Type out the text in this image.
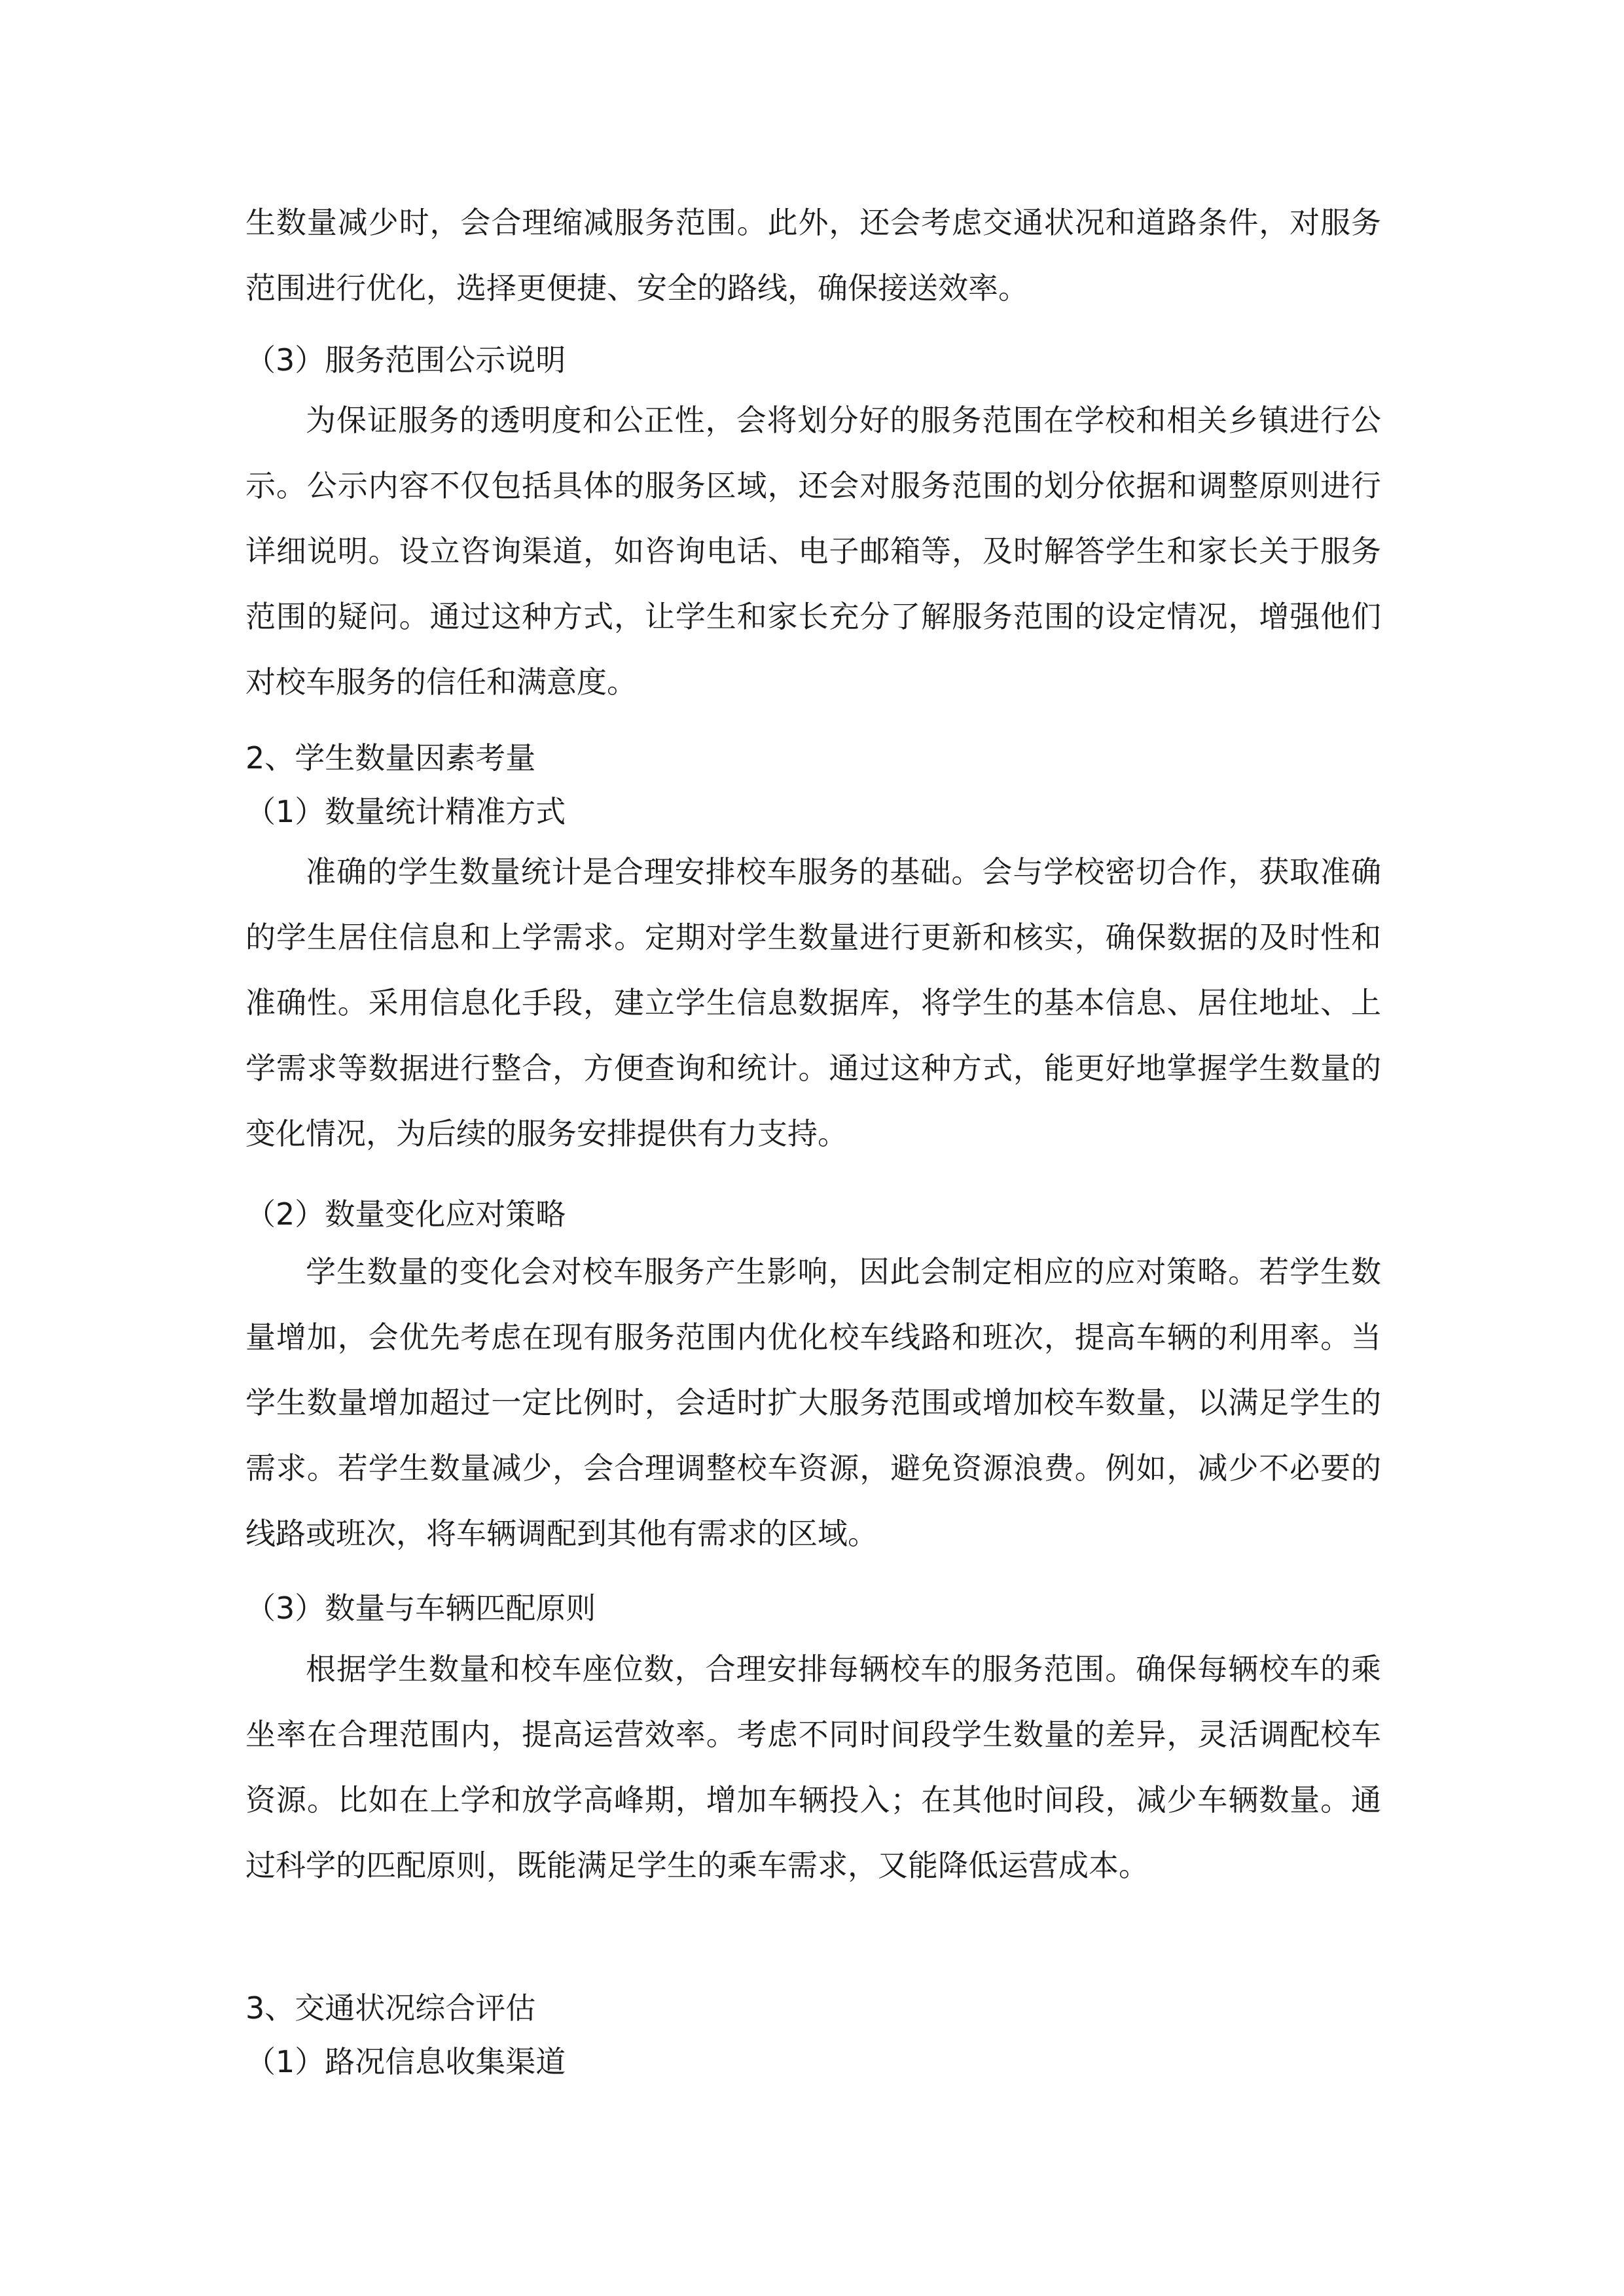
生数量减少时，会合理缩减服务范围。此外，还会考虑交通状况和道路条件，对服务范围进行优化，选择更便捷、安全的路线，确保接送效率。

（3）服务范围公示说明

为保证服务的透明度和公正性，会将划分好的服务范围在学校和相关乡镇进行公示。公示内容不仅包括具体的服务区域，还会对服务范围的划分依据和调整原则进行详细说明。设立咨询渠道，如咨询电话、电子邮箱等，及时解答学生和家长关于服务范围的疑问。通过这种方式，让学生和家长充分了解服务范围的设定情况，增强他们对校车服务的信任和满意度。

2、学生数量因素考量

（1）数量统计精准方式

准确的学生数量统计是合理安排校车服务的基础。会与学校密切合作，获取准确的学生居住信息和上学需求。定期对学生数量进行更新和核实，确保数据的及时性和准确性。采用信息化手段，建立学生信息数据库，将学生的基本信息、居住地址、上学需求等数据进行整合，方便查询和统计。通过这种方式，能更好地掌握学生数量的变化情况，为后续的服务安排提供有力支持。

（2）数量变化应对策略

学生数量的变化会对校车服务产生影响，因此会制定相应的应对策略。若学生数量增加，会优先考虑在现有服务范围内优化校车线路和班次，提高车辆的利用率。当学生数量增加超过一定比例时，会适时扩大服务范围或增加校车数量，以满足学生的需求。若学生数量减少，会合理调整校车资源，避免资源浪费。例如，减少不必要的线路或班次，将车辆调配到其他有需求的区域。

（3）数量与车辆匹配原则

根据学生数量和校车座位数，合理安排每辆校车的服务范围。确保每辆校车的乘坐率在合理范围内，提高运营效率。考虑不同时间段学生数量的差异，灵活调配校车资源。比如在上学和放学高峰期，增加车辆投入；在其他时间段，减少车辆数量。通过科学的匹配原则，既能满足学生的乘车需求，又能降低运营成本。

3、交通状况综合评估

（1）路况信息收集渠道
